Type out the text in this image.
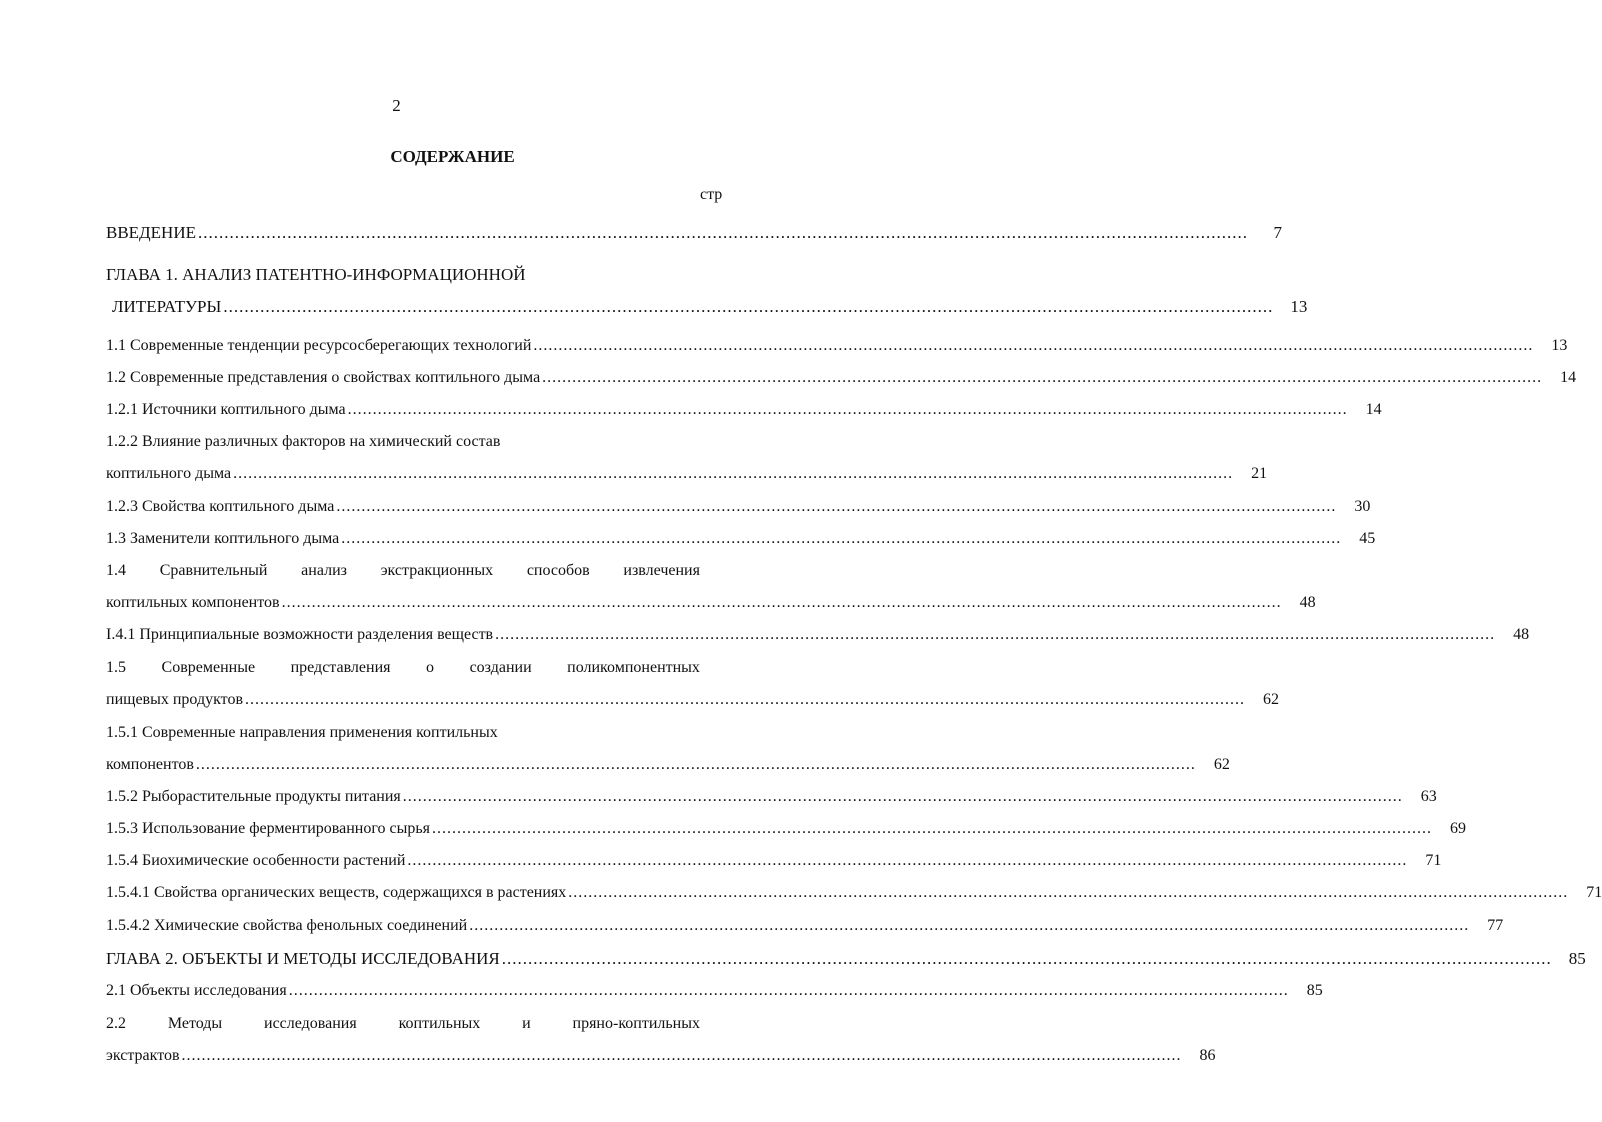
2
СОДЕРЖАНИЕ
стр
ВВЕДЕНИЕ ........................................................................................................................................................................................................	7
ГЛАВА 1. АНАЛИЗ ПАТЕНТНО-ИНФОРМАЦИОННОЙ
ЛИТЕРАТУРЫ ........................................................................................................................................................................................................	13
1.1 Современные тенденции ресурсосберегающих технологий ........................................................................................................................................................................................................	13
1.2 Современные представления о свойствах коптильного дыма ........................................................................................................................................................................................................	14
1.2.1 Источники коптильного дыма ........................................................................................................................................................................................................	14
1.2.2 Влияние различных факторов на химический состав
коптильного дыма ........................................................................................................................................................................................................	21
1.2.3 Свойства коптильного дыма ........................................................................................................................................................................................................	30
1.3 Заменители коптильного дыма ........................................................................................................................................................................................................	45
1.4 Сравнительный анализ экстракционных способов извлечения
коптильных компонентов ........................................................................................................................................................................................................	48
I.4.1 Принципиальные возможности разделения веществ ........................................................................................................................................................................................................	48
1.5 Современные представления о создании поликомпонентных
пищевых продуктов ........................................................................................................................................................................................................	62
1.5.1 Современные направления применения коптильных
компонентов ........................................................................................................................................................................................................	62
1.5.2 Рыборастительные продукты питания ........................................................................................................................................................................................................	63
1.5.3 Использование ферментированного сырья ........................................................................................................................................................................................................	69
1.5.4 Биохимические особенности растений ........................................................................................................................................................................................................	71
1.5.4.1 Свойства органических веществ, содержащихся в растениях ........................................................................................................................................................................................................	71
1.5.4.2 Химические свойства фенольных соединений ........................................................................................................................................................................................................	77
ГЛАВА 2. ОБЪЕКТЫ И МЕТОДЫ ИССЛЕДОВАНИЯ ........................................................................................................................................................................................................	85
2.1 Объекты исследования ........................................................................................................................................................................................................	85
2.2	Методы	исследования	коптильных	и	пряно-коптильных
экстрактов ........................................................................................................................................................................................................	86
